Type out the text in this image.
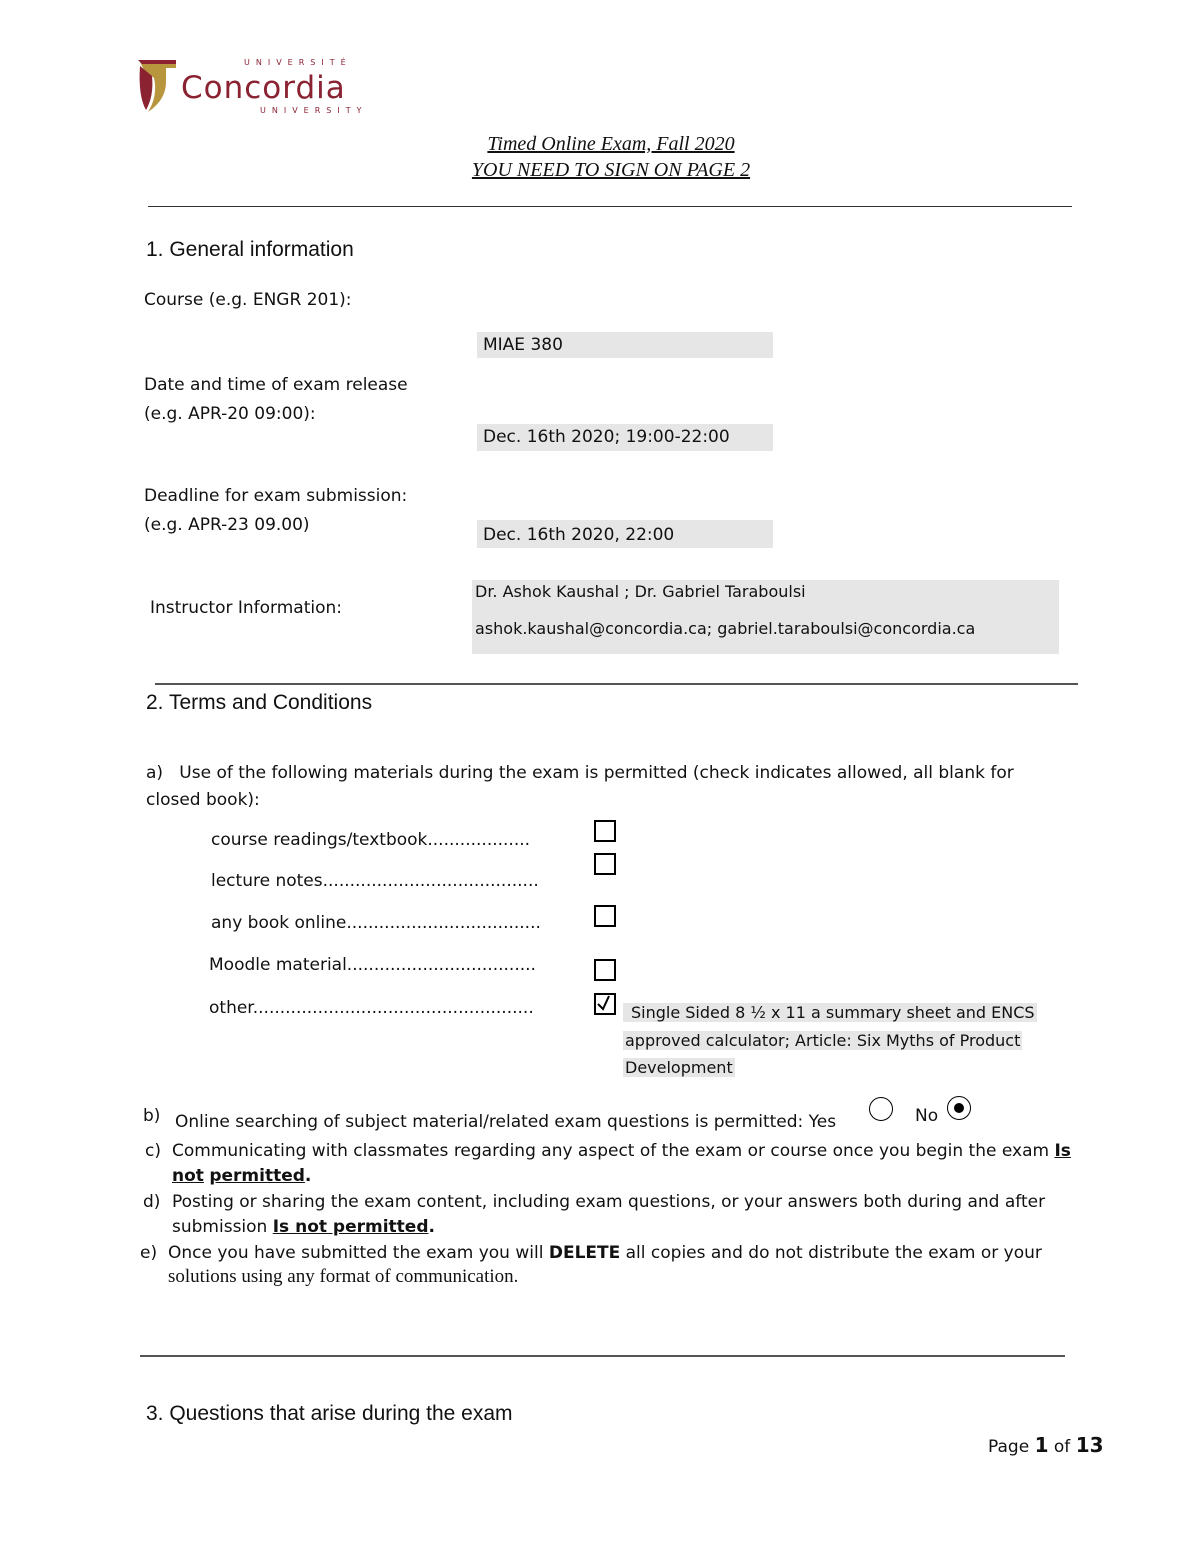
UNIVERSITÉ
Concordia
UNIVERSITY
Timed Online Exam, Fall 2020
YOU NEED TO SIGN ON PAGE 2
1. General information
Course (e.g. ENGR 201):
MIAE 380
Date and time of exam release
(e.g. APR-20 09:00):
Dec. 16th 2020; 19:00-22:00
Deadline for exam submission:
(e.g. APR-23 09.00)	Dec. 16th 2020, 22:00
Instructor Information:
Dr. Ashok Kaushal ; Dr. Gabriel Taraboulsi
ashok.kaushal@concordia.ca; gabriel.taraboulsi@concordia.ca
2. Terms and Conditions
a) Use of the following materials during the exam is permitted (check indicates allowed, all blank for
closed book):
course readings/textbook...................
lecture notes........................................
any book online....................................
Moodle material...................................
other....................................................	Single Sided 8 ½ x 11 a summary sheet and ENCS
approved calculator; Article: Six Myths of Product
Development
b) Online searching of subject material/related exam questions is permitted: Yes	No
c) Communicating with classmates regarding any aspect of the exam or course once you begin the exam Is
not permitted.
d) Posting or sharing the exam content, including exam questions, or your answers both during and after
submission Is not permitted.
e) Once you have submitted the exam you will DELETE all copies and do not distribute the exam or your
solutions using any format of communication.
3. Questions that arise during the exam
Page 1 of 13
